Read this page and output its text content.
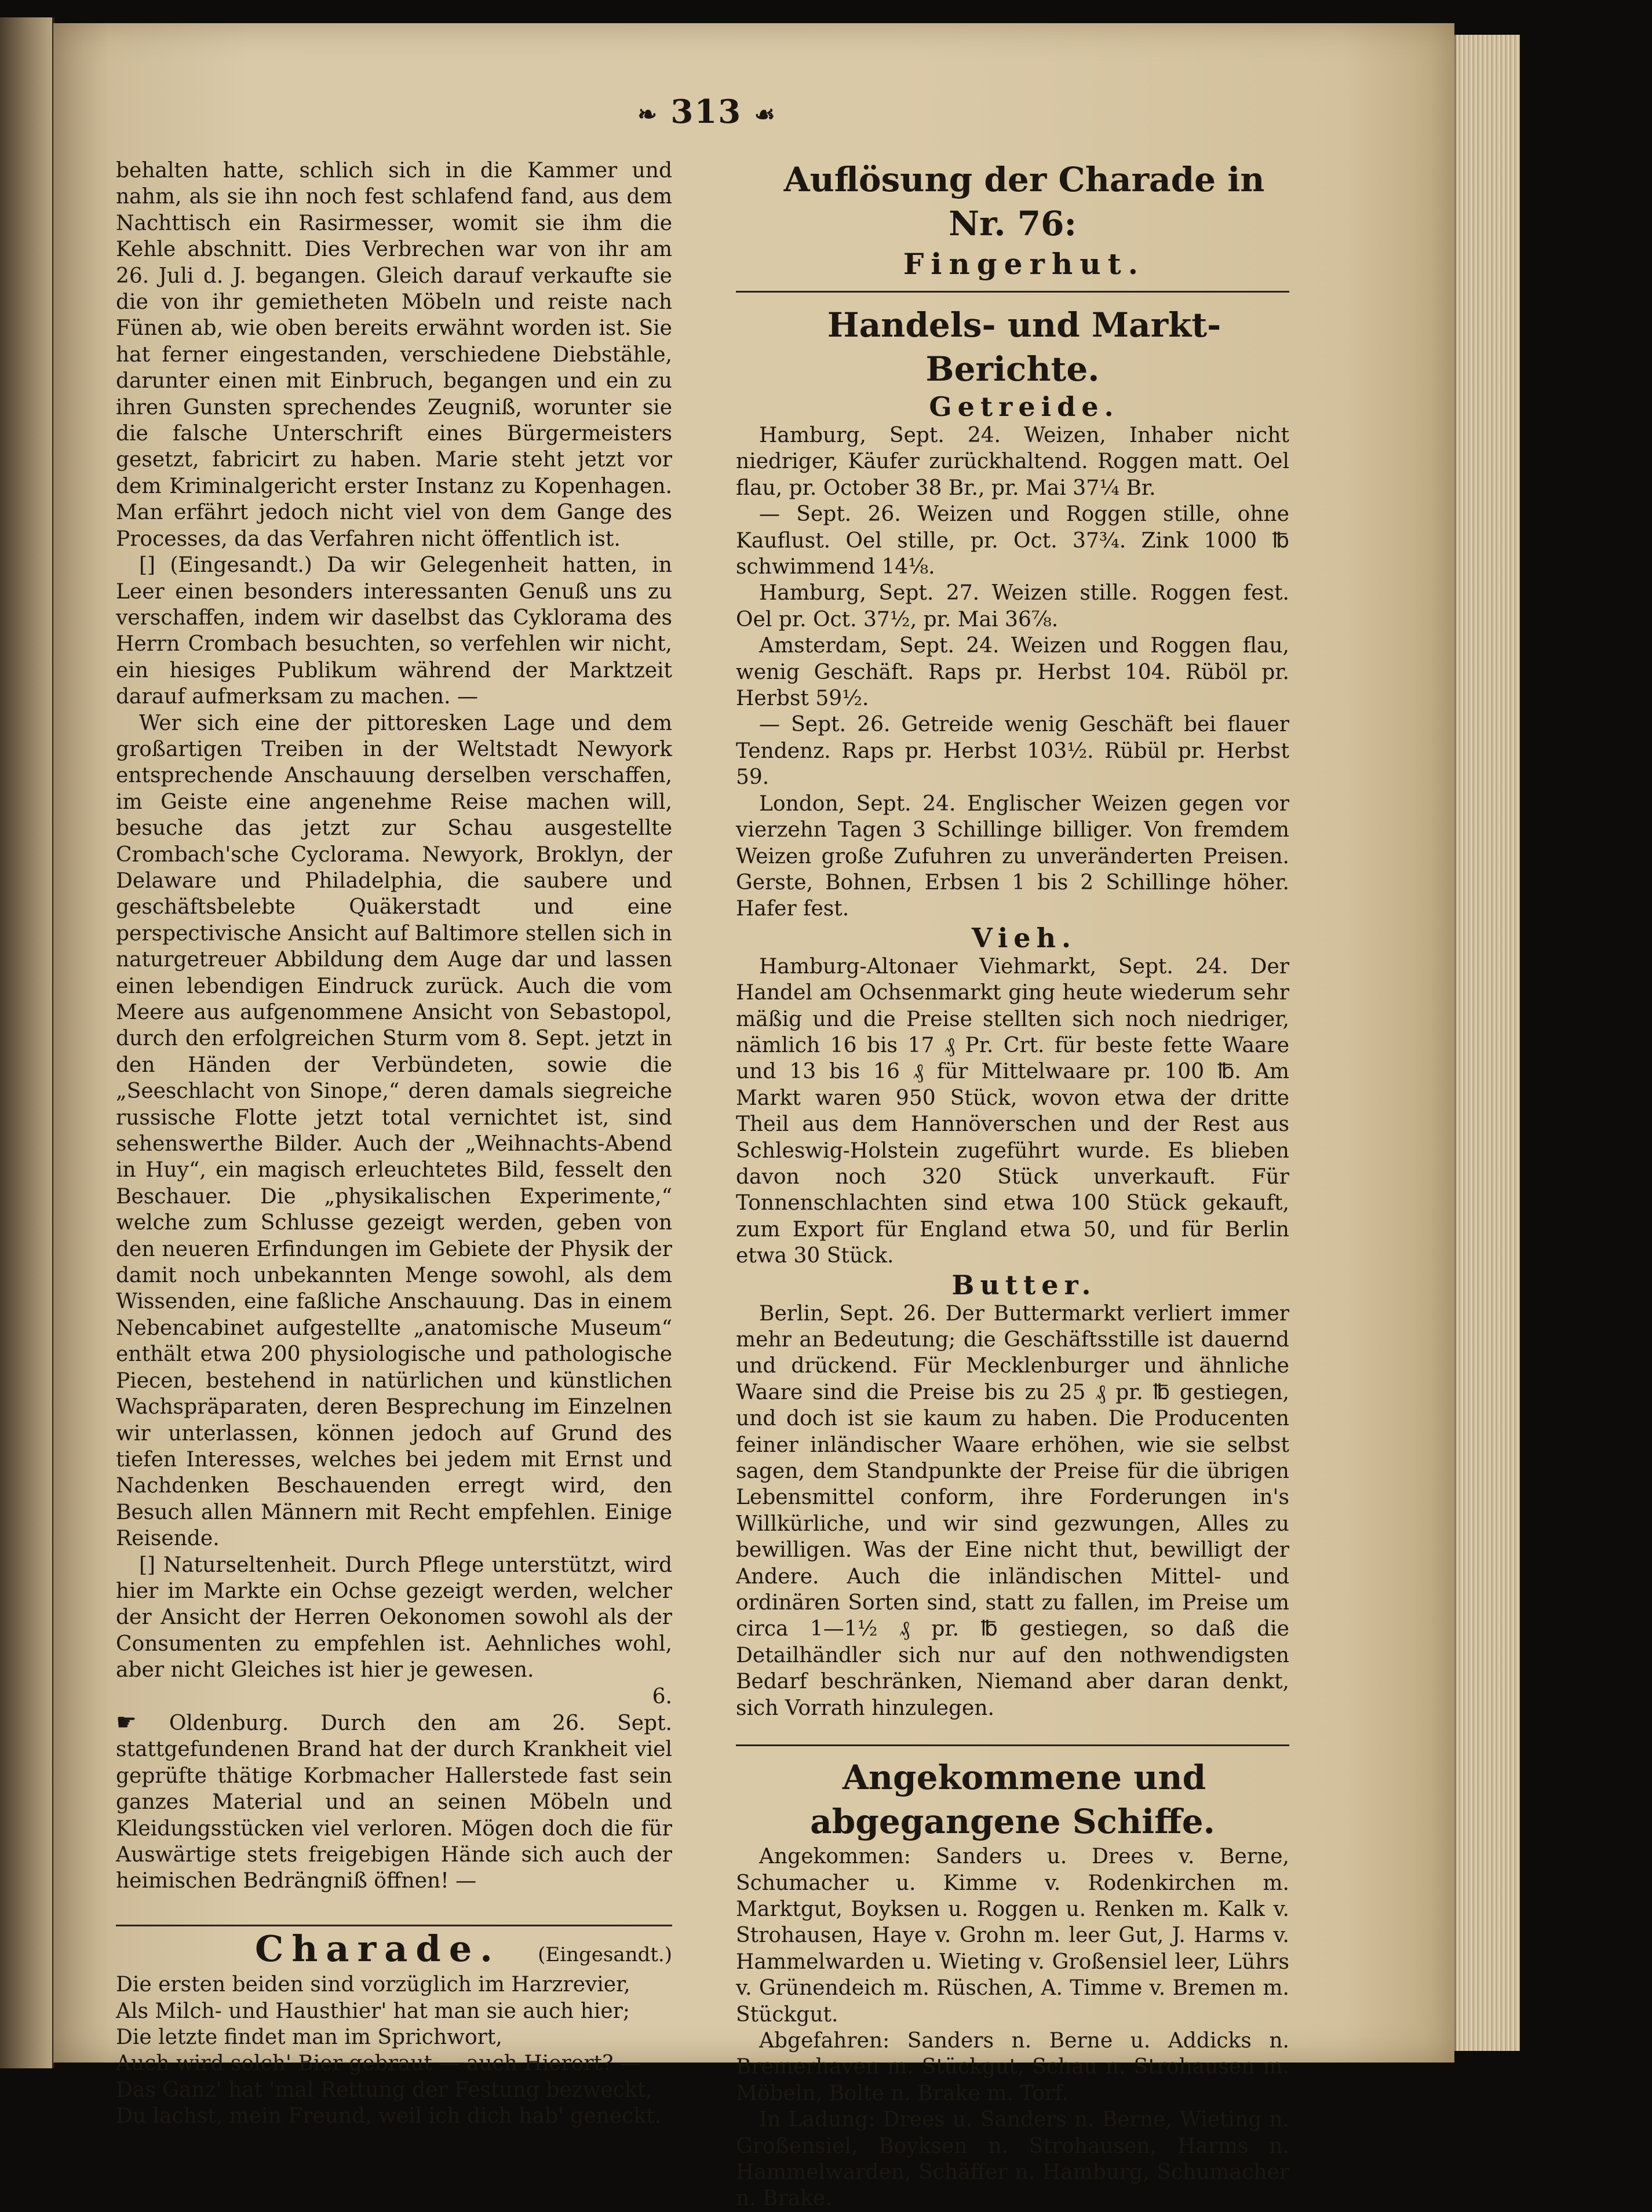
❧ 313 ☙

behalten hatte, schlich sich in die Kammer und nahm, als sie ihn noch fest schlafend fand, aus dem Nachttisch ein Rasirmesser, womit sie ihm die Kehle abschnitt. Dies Verbrechen war von ihr am 26. Juli d. J. begangen. Gleich darauf verkaufte sie die von ihr gemietheten Möbeln und reiste nach Fünen ab, wie oben bereits erwähnt worden ist. Sie hat ferner eingestanden, verschiedene Diebstähle, darunter einen mit Einbruch, begangen und ein zu ihren Gunsten sprechendes Zeugniß, worunter sie die falsche Unterschrift eines Bürgermeisters gesetzt, fabricirt zu haben. Marie steht jetzt vor dem Kriminalgericht erster Instanz zu Kopenhagen. Man erfährt jedoch nicht viel von dem Gange des Processes, da das Verfahren nicht öffentlich ist.

[] (Eingesandt.) Da wir Gelegenheit hatten, in Leer einen besonders interessanten Genuß uns zu verschaffen, indem wir daselbst das Cyklorama des Herrn Crombach besuchten, so verfehlen wir nicht, ein hiesiges Publikum während der Marktzeit darauf aufmerksam zu machen. —

Wer sich eine der pittoresken Lage und dem großartigen Treiben in der Weltstadt Newyork entsprechende Anschauung derselben verschaffen, im Geiste eine angenehme Reise machen will, besuche das jetzt zur Schau ausgestellte Crombach'sche Cyclorama. Newyork, Broklyn, der Delaware und Philadelphia, die saubere und geschäftsbelebte Quäkerstadt und eine perspectivische Ansicht auf Baltimore stellen sich in naturgetreuer Abbildung dem Auge dar und lassen einen lebendigen Eindruck zurück. Auch die vom Meere aus aufgenommene Ansicht von Sebastopol, durch den erfolgreichen Sturm vom 8. Sept. jetzt in den Händen der Verbündeten, sowie die „Seeschlacht von Sinope,“ deren damals siegreiche russische Flotte jetzt total vernichtet ist, sind sehenswerthe Bilder. Auch der „Weihnachts-Abend in Huy“, ein magisch erleuchtetes Bild, fesselt den Beschauer. Die „physikalischen Experimente,“ welche zum Schlusse gezeigt werden, geben von den neueren Erfindungen im Gebiete der Physik der damit noch unbekannten Menge sowohl, als dem Wissenden, eine faßliche Anschauung. Das in einem Nebencabinet aufgestellte „anatomische Museum“ enthält etwa 200 physiologische und pathologische Piecen, bestehend in natürlichen und künstlichen Wachspräparaten, deren Besprechung im Einzelnen wir unterlassen, können jedoch auf Grund des tiefen Interesses, welches bei jedem mit Ernst und Nachdenken Beschauenden erregt wird, den Besuch allen Männern mit Recht empfehlen. Einige Reisende.

[] Naturseltenheit. Durch Pflege unterstützt, wird hier im Markte ein Ochse gezeigt werden, welcher der Ansicht der Herren Oekonomen sowohl als der Consumenten zu empfehlen ist. Aehnliches wohl, aber nicht Gleiches ist hier je gewesen.

6.

☛ Oldenburg. Durch den am 26. Sept. stattgefundenen Brand hat der durch Krankheit viel geprüfte thätige Korbmacher Hallerstede fast sein ganzes Material und an seinen Möbeln und Kleidungsstücken viel verloren. Mögen doch die für Auswärtige stets freigebigen Hände sich auch der heimischen Bedrängniß öffnen! —

Charade. (Eingesandt.)

Die ersten beiden sind vorzüglich im Harzrevier,

Als Milch- und Hausthier' hat man sie auch hier;

Die letzte findet man im Sprichwort,

Auch wird solch' Bier gebraut — auch Hierort? —

Das Ganz' hat 'mal Rettung der Festung bezweckt,

Du lachst, mein Freund, weil ich dich hab' geneckt.

Auflösung der Charade in Nr. 76:

Fingerhut.

Handels- und Markt-Berichte.

Getreide.

Hamburg, Sept. 24. Weizen, Inhaber nicht niedriger, Käufer zurückhaltend. Roggen matt. Oel flau, pr. October 38 Br., pr. Mai 37¼ Br.

— Sept. 26. Weizen und Roggen stille, ohne Kauflust. Oel stille, pr. Oct. 37¾. Zink 1000 ℔ schwimmend 14⅛.

Hamburg, Sept. 27. Weizen stille. Roggen fest. Oel pr. Oct. 37½, pr. Mai 36⅞.

Amsterdam, Sept. 24. Weizen und Roggen flau, wenig Geschäft. Raps pr. Herbst 104. Rüböl pr. Herbst 59½.

— Sept. 26. Getreide wenig Geschäft bei flauer Tendenz. Raps pr. Herbst 103½. Rübül pr. Herbst 59.

London, Sept. 24. Englischer Weizen gegen vor vierzehn Tagen 3 Schillinge billiger. Von fremdem Weizen große Zufuhren zu unveränderten Preisen. Gerste, Bohnen, Erbsen 1 bis 2 Schillinge höher. Hafer fest.

Vieh.

Hamburg-Altonaer Viehmarkt, Sept. 24. Der Handel am Ochsenmarkt ging heute wiederum sehr mäßig und die Preise stellten sich noch niedriger, nämlich 16 bis 17 ₰ Pr. Crt. für beste fette Waare und 13 bis 16 ₰ für Mittelwaare pr. 100 ℔. Am Markt waren 950 Stück, wovon etwa der dritte Theil aus dem Hannöverschen und der Rest aus Schleswig-Holstein zugeführt wurde. Es blieben davon noch 320 Stück unverkauft. Für Tonnenschlachten sind etwa 100 Stück gekauft, zum Export für England etwa 50, und für Berlin etwa 30 Stück.

Butter.

Berlin, Sept. 26. Der Buttermarkt verliert immer mehr an Bedeutung; die Geschäftsstille ist dauernd und drückend. Für Mecklenburger und ähnliche Waare sind die Preise bis zu 25 ₰ pr. ℔ gestiegen, und doch ist sie kaum zu haben. Die Producenten feiner inländischer Waare erhöhen, wie sie selbst sagen, dem Standpunkte der Preise für die übrigen Lebensmittel conform, ihre Forderungen in's Willkürliche, und wir sind gezwungen, Alles zu bewilligen. Was der Eine nicht thut, bewilligt der Andere. Auch die inländischen Mittel- und ordinären Sorten sind, statt zu fallen, im Preise um circa 1—1½ ₰ pr. ℔ gestiegen, so daß die Detailhändler sich nur auf den nothwendigsten Bedarf beschränken, Niemand aber daran denkt, sich Vorrath hinzulegen.

Angekommene und abgegangene Schiffe.

Angekommen: Sanders u. Drees v. Berne, Schumacher u. Kimme v. Rodenkirchen m. Marktgut, Boyksen u. Roggen u. Renken m. Kalk v. Strohausen, Haye v. Grohn m. leer Gut, J. Harms v. Hammelwarden u. Wieting v. Großensiel leer, Lührs v. Grünendeich m. Rüschen, A. Timme v. Bremen m. Stückgut.

Abgefahren: Sanders n. Berne u. Addicks n. Bremerhaven m. Stückgut, Schau n. Strohausen m. Möbeln, Bolte n. Brake m. Torf.

In Ladung: Drees u. Sanders n. Berne, Wieting n. Großensiel, Boyksen n. Strohausen, Harms n. Hammelwarden, Schäffer n. Hamburg, Schumacher n. Brake.
